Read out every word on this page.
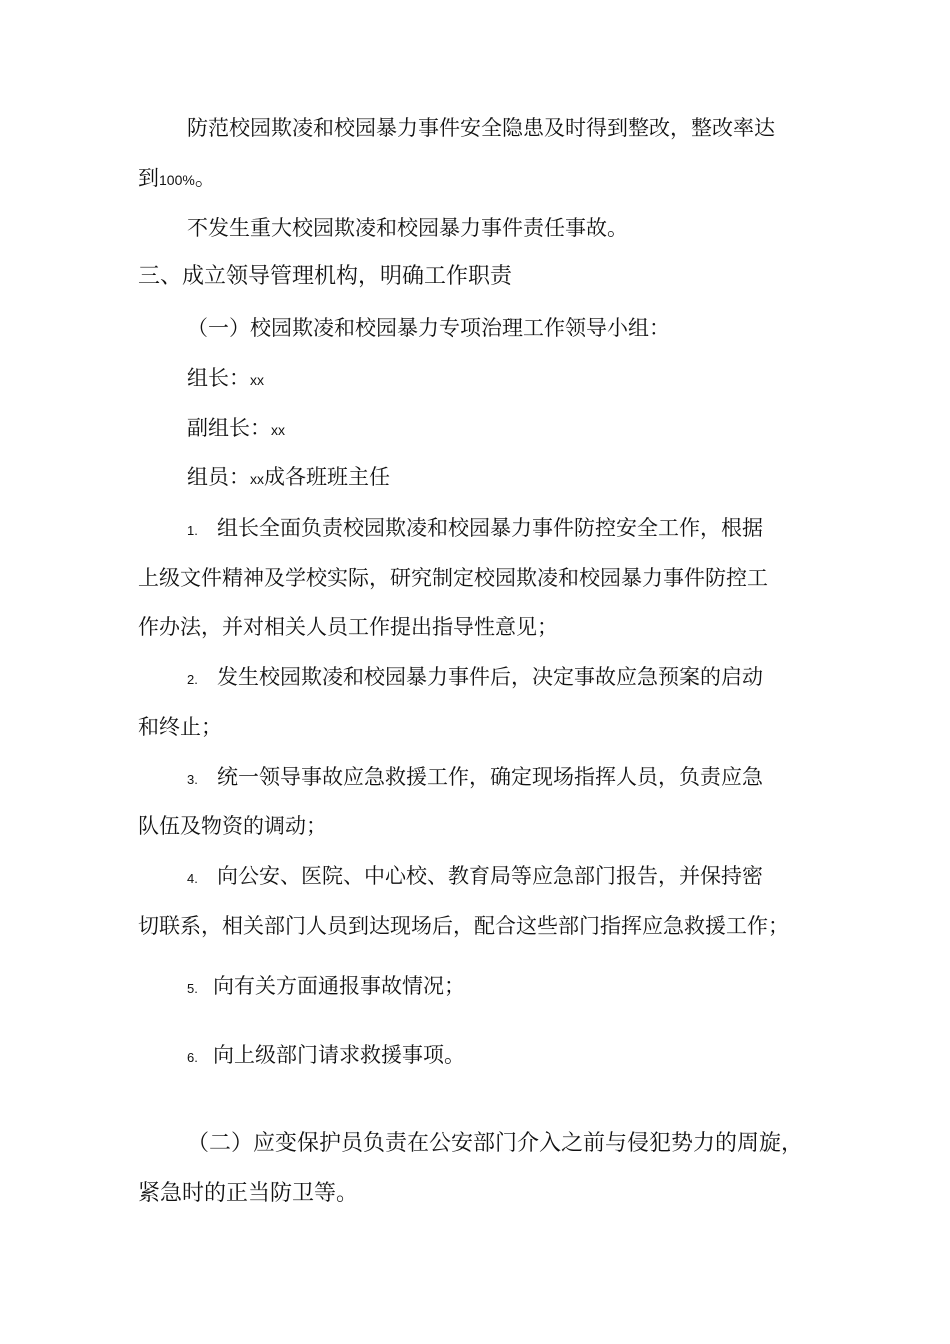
防范校园欺凌和校园暴力事件安全隐患及时得到整改，整改率达
到100%。
不发生重大校园欺凌和校园暴力事件责任事故。
三、成立领导管理机构，明确工作职责
（一）校园欺凌和校园暴力专项治理工作领导小组：
组长：xx
副组长：xx
组员：xx成各班班主任
1. 组长全面负责校园欺凌和校园暴力事件防控安全工作，根据
上级文件精神及学校实际，研究制定校园欺凌和校园暴力事件防控工
作办法，并对相关人员工作提出指导性意见；
2. 发生校园欺凌和校园暴力事件后，决定事故应急预案的启动
和终止；
3. 统一领导事故应急救援工作，确定现场指挥人员，负责应急
队伍及物资的调动；
4. 向公安、医院、中心校、教育局等应急部门报告，并保持密
切联系，相关部门人员到达现场后，配合这些部门指挥应急救援工作；
5. 向有关方面通报事故情况；
6. 向上级部门请求救援事项。
（二）应变保护员负责在公安部门介入之前与侵犯势力的周旋，
紧急时的正当防卫等。
